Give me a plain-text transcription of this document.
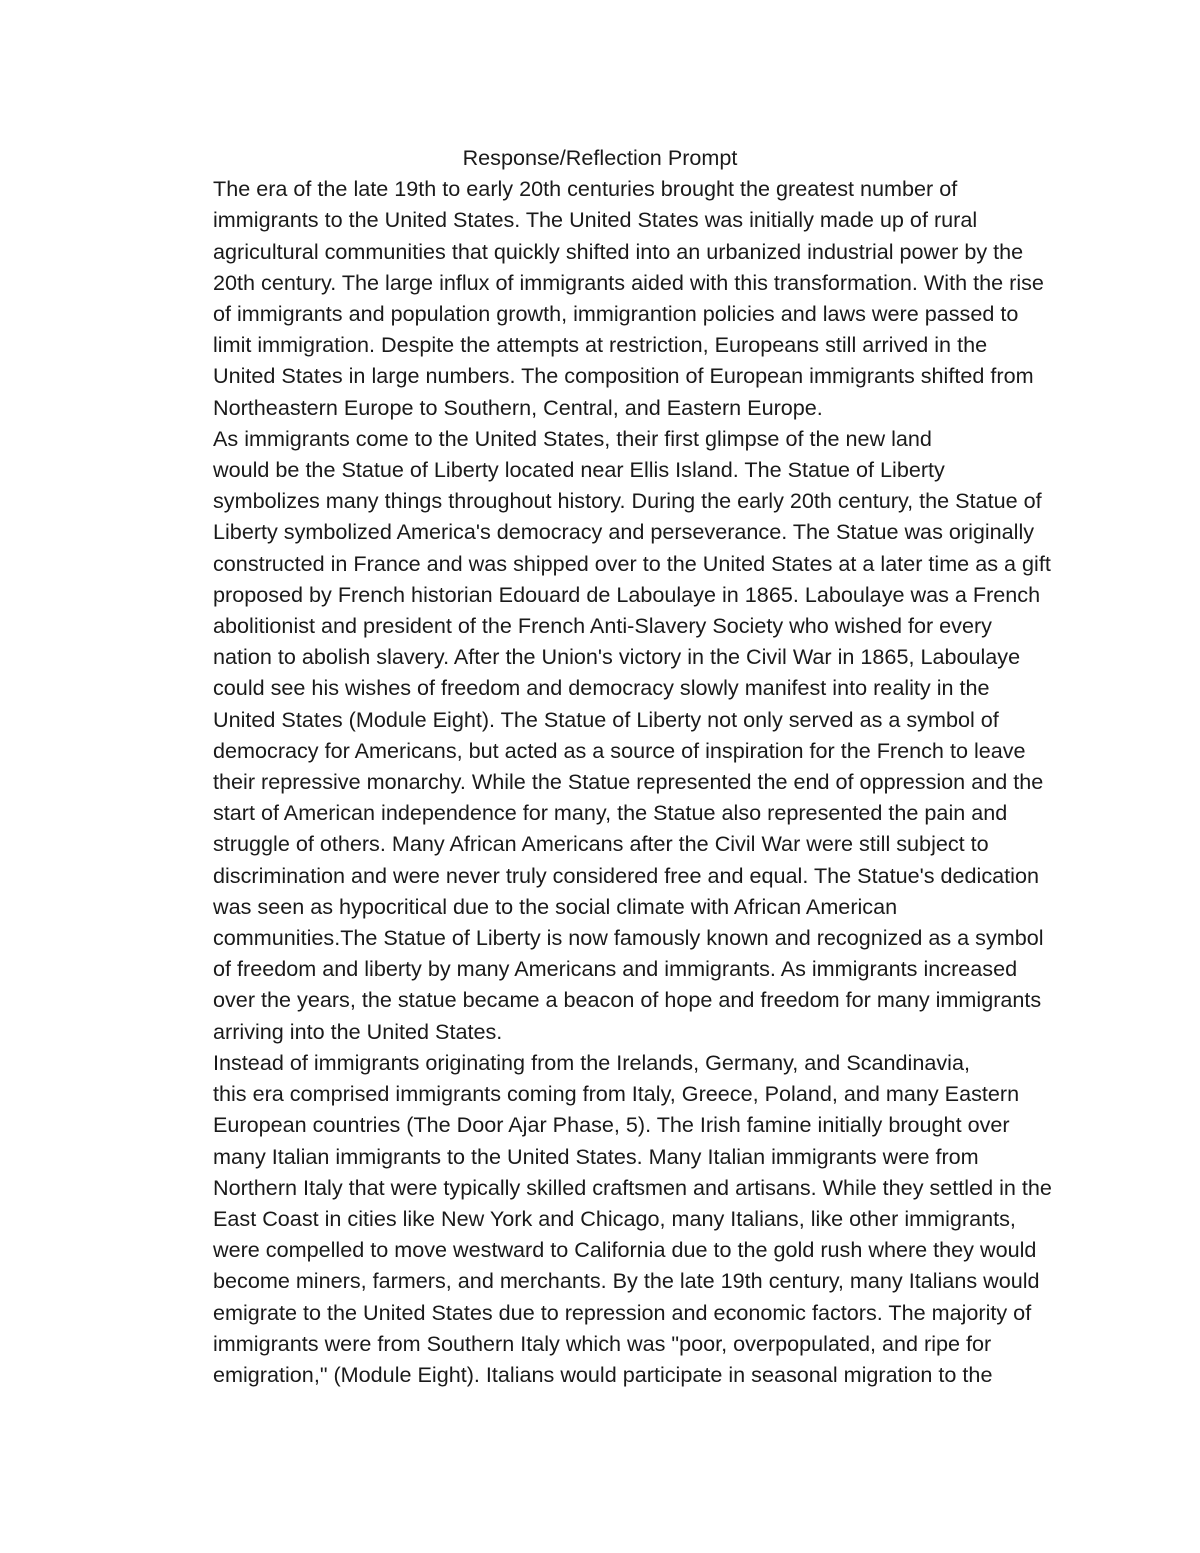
Response/Reflection Prompt

The era of the late 19th to early 20th centuries brought the greatest number of
immigrants to the United States. The United States was initially made up of rural
agricultural communities that quickly shifted into an urbanized industrial power by the
20th century. The large influx of immigrants aided with this transformation. With the rise
of immigrants and population growth, immigrantion policies and laws were passed to
limit immigration. Despite the attempts at restriction, Europeans still arrived in the
United States in large numbers. The composition of European immigrants shifted from
Northeastern Europe to Southern, Central, and Eastern Europe.

As immigrants come to the United States, their first glimpse of the new land
would be the Statue of Liberty located near Ellis Island. The Statue of Liberty
symbolizes many things throughout history. During the early 20th century, the Statue of
Liberty symbolized America's democracy and perseverance. The Statue was originally
constructed in France and was shipped over to the United States at a later time as a gift
proposed by French historian Edouard de Laboulaye in 1865. Laboulaye was a French
abolitionist and president of the French Anti-Slavery Society who wished for every
nation to abolish slavery. After the Union's victory in the Civil War in 1865, Laboulaye
could see his wishes of freedom and democracy slowly manifest into reality in the
United States (Module Eight). The Statue of Liberty not only served as a symbol of
democracy for Americans, but acted as a source of inspiration for the French to leave
their repressive monarchy. While the Statue represented the end of oppression and the
start of American independence for many, the Statue also represented the pain and
struggle of others. Many African Americans after the Civil War were still subject to
discrimination and were never truly considered free and equal. The Statue's dedication
was seen as hypocritical due to the social climate with African American
communities.The Statue of Liberty is now famously known and recognized as a symbol
of freedom and liberty by many Americans and immigrants. As immigrants increased
over the years, the statue became a beacon of hope and freedom for many immigrants
arriving into the United States.

Instead of immigrants originating from the Irelands, Germany, and Scandinavia,
this era comprised immigrants coming from Italy, Greece, Poland, and many Eastern
European countries (The Door Ajar Phase, 5). The Irish famine initially brought over
many Italian immigrants to the United States. Many Italian immigrants were from
Northern Italy that were typically skilled craftsmen and artisans. While they settled in the
East Coast in cities like New York and Chicago, many Italians, like other immigrants,
were compelled to move westward to California due to the gold rush where they would
become miners, farmers, and merchants. By the late 19th century, many Italians would
emigrate to the United States due to repression and economic factors. The majority of
immigrants were from Southern Italy which was "poor, overpopulated, and ripe for
emigration," (Module Eight). Italians would participate in seasonal migration to the
